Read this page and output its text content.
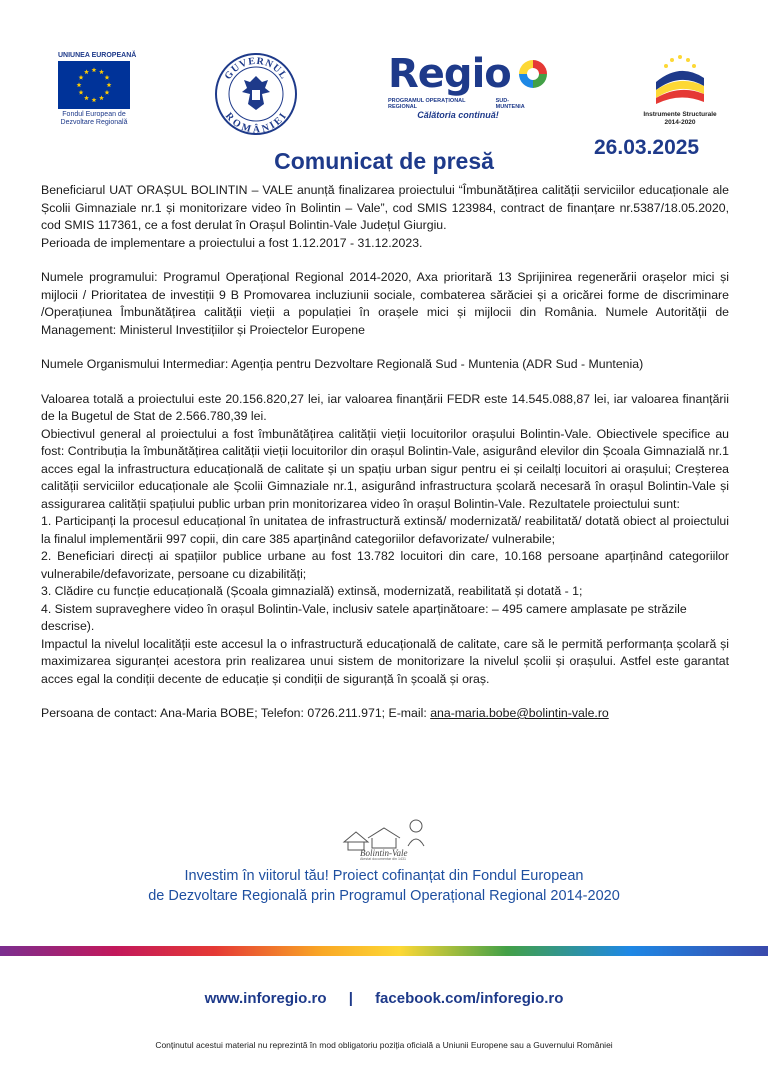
UNIUNEA EUROPEANĂ
Fondul European de
Dezvoltare Regională
GUVERNUL
ROMÂNIEI
Regio
PROGRAMUL OPERAȚIONAL REGIONAL
SUD-MUNTENIA
Călătoria continuă!	Instrumente Structurale
2014-2020
26.03.2025
Comunicat de presă

Beneficiarul UAT ORAȘUL BOLINTIN – VALE anunță finalizarea proiectului “Îmbunătățirea calității serviciilor educaționale ale Școlii Gimnaziale nr.1 și monitorizare video în Bolintin – Vale”, cod SMIS 123984, contract de finanțare nr.5387/18.05.2020, cod SMIS 117361, ce a fost derulat în Orașul Bolintin-Vale Județul Giurgiu.

Perioada de implementare a proiectului a fost 1.12.2017 - 31.12.2023.

Numele programului: Programul Operațional Regional 2014-2020, Axa prioritară 13 Sprijinirea regenerării orașelor mici și mijlocii / Prioritatea de investiții 9 B Promovarea incluziunii sociale, combaterea sărăciei și a oricărei forme de discriminare /Operațiunea Îmbunătățirea calității vieții a populației în orașele mici și mijlocii din România. Numele Autorității de Management: Ministerul Investițiilor și Proiectelor Europene

Numele Organismului Intermediar: Agenția pentru Dezvoltare Regională Sud - Muntenia (ADR Sud - Muntenia)

Valoarea totală a proiectului este 20.156.820,27 lei, iar valoarea finanțării FEDR este 14.545.088,87 lei, iar valoarea finanțării de la Bugetul de Stat de 2.566.780,39 lei.

Obiectivul general al proiectului a fost îmbunătățirea calității vieții locuitorilor orașului Bolintin-Vale. Obiectivele specifice au fost: Contribuția la îmbunătățirea calității vieții locuitorilor din orașul Bolintin-Vale, asigurând elevilor din Școala Gimnazială nr.1 acces egal la infrastructura educațională de calitate și un spațiu urban sigur pentru ei și ceilalți locuitori ai orașului; Creșterea calității serviciilor educaționale ale Școlii Gimnaziale nr.1, asigurând infrastructura școlară necesară în orașul Bolintin-Vale și assigurarea calității spațiului public urban prin monitorizarea video în orașul Bolintin-Vale. Rezultatele proiectului sunt:

1. Participanți la procesul educațional în unitatea de infrastructură extinsă/ modernizată/ reabilitată/ dotată obiect al proiectului la finalul implementării 997 copii, din care 385 aparținând categoriilor defavorizate/ vulnerabile;

2. Beneficiari direcți ai spațiilor publice urbane au fost 13.782 locuitori din care, 10.168 persoane aparținând categoriilor vulnerabile/defavorizate, persoane cu dizabilități;

3. Clădire cu funcție educațională (Școala gimnazială) extinsă, modernizată, reabilitată și dotată - 1;

4. Sistem supraveghere video în orașul Bolintin-Vale, inclusiv satele aparținătoare: – 495 camere amplasate pe străzile descrise).

Impactul la nivelul localității este accesul la o infrastructură educațională de calitate, care să le permită performanța școlară și maximizarea siguranței acestora prin realizarea unui sistem de monitorizare la nivelul școlii și orașului. Astfel este garantat acces egal la condiții decente de educație și condiții de siguranță în școală și oraș.

Persoana de contact: Ana-Maria BOBE; Telefon: 0726.211.971; E-mail: ana-maria.bobe@bolintin-vale.ro

Bolintin-Vale
Atestat documentar din 1431
Investim în viitorul tău! Proiect cofinanțat din Fondul European
de Dezvoltare Regională prin Programul Operațional Regional 2014-2020
www.inforegio.ro | facebook.com/inforegio.ro
Conținutul acestui material nu reprezintă în mod obligatoriu poziția oficială a Uniunii Europene sau a Guvernului României
